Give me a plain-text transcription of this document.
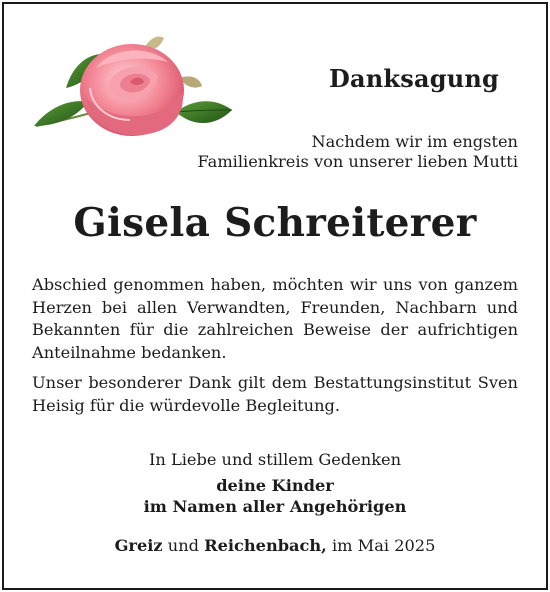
Danksagung
Nachdem wir im engsten
Familienkreis von unserer lieben Mutti
Gisela Schreiterer
Abschied genommen haben, möchten wir uns von ganzem
Herzen bei allen Verwandten, Freunden, Nachbarn und
Bekannten für die zahlreichen Beweise der aufrichtigen
Anteilnahme bedanken.
Unser besonderer Dank gilt dem Bestattungsinstitut Sven
Heisig für die würdevolle Begleitung.
In Liebe und stillem Gedenken
deine Kinder
im Namen aller Angehörigen
Greiz und Reichenbach, im Mai 2025
